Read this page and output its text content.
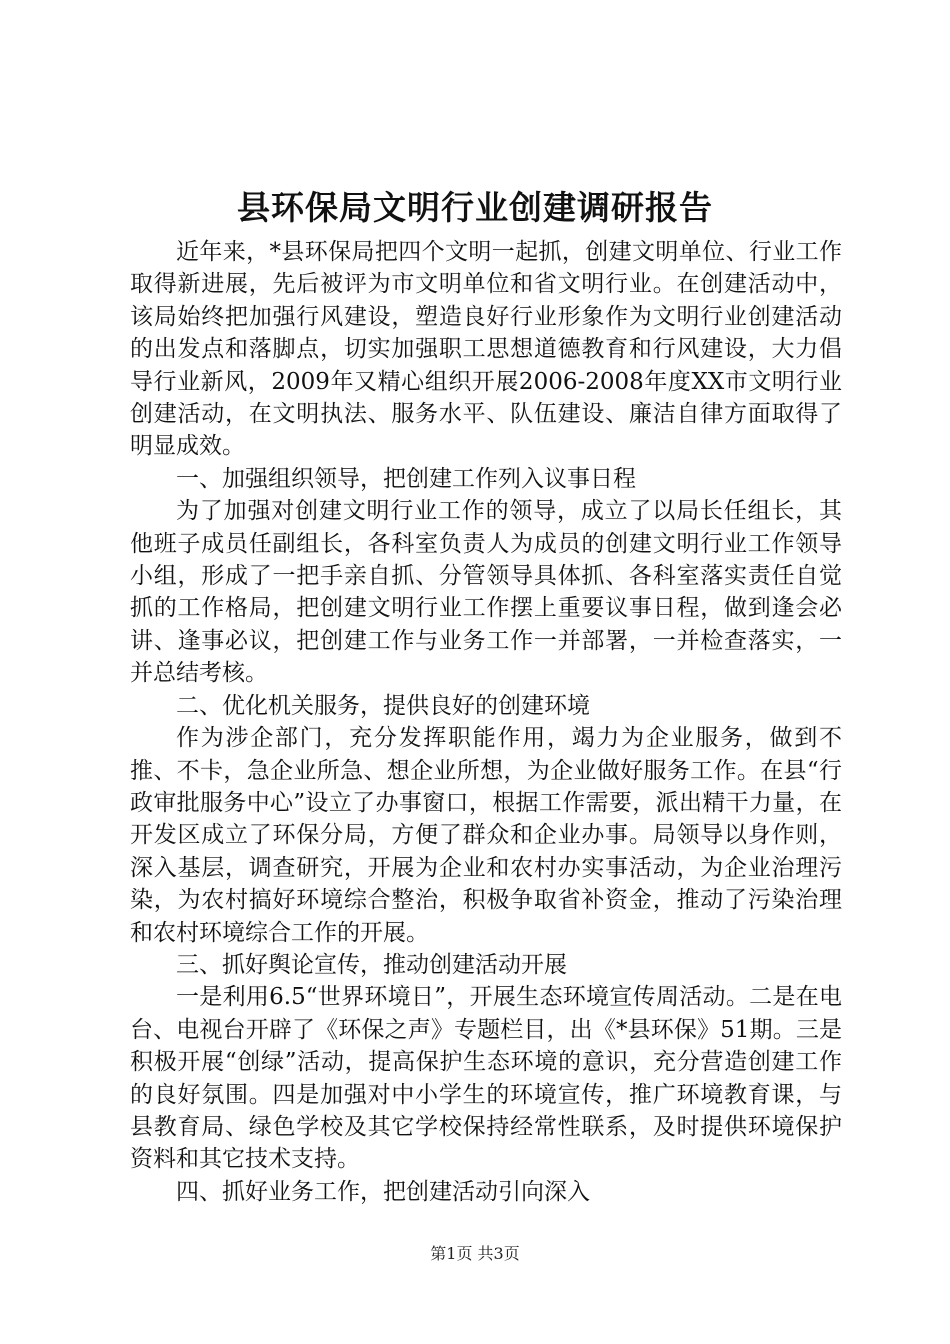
县环保局文明行业创建调研报告

近年来，*县环保局把四个文明一起抓，创建文明单位、行业工作取得新进展，先后被评为市文明单位和省文明行业。在创建活动中，该局始终把加强行风建设，塑造良好行业形象作为文明行业创建活动的出发点和落脚点，切实加强职工思想道德教育和行风建设，大力倡导行业新风，2009年又精心组织开展2006-2008年度XX市文明行业创建活动，在文明执法、服务水平、队伍建设、廉洁自律方面取得了明显成效。

一、加强组织领导，把创建工作列入议事日程

为了加强对创建文明行业工作的领导，成立了以局长任组长，其他班子成员任副组长，各科室负责人为成员的创建文明行业工作领导小组，形成了一把手亲自抓、分管领导具体抓、各科室落实责任自觉抓的工作格局，把创建文明行业工作摆上重要议事日程，做到逢会必讲、逢事必议，把创建工作与业务工作一并部署，一并检查落实，一并总结考核。

二、优化机关服务，提供良好的创建环境

作为涉企部门，充分发挥职能作用，竭力为企业服务，做到不推、不卡，急企业所急、想企业所想，为企业做好服务工作。在县“行政审批服务中心”设立了办事窗口，根据工作需要，派出精干力量，在开发区成立了环保分局，方便了群众和企业办事。局领导以身作则，深入基层，调查研究，开展为企业和农村办实事活动，为企业治理污染，为农村搞好环境综合整治，积极争取省补资金，推动了污染治理和农村环境综合工作的开展。

三、抓好舆论宣传，推动创建活动开展

一是利用6.5“世界环境日”，开展生态环境宣传周活动。二是在电台、电视台开辟了《环保之声》专题栏目，出《*县环保》51期。三是积极开展“创绿”活动，提高保护生态环境的意识，充分营造创建工作的良好氛围。四是加强对中小学生的环境宣传，推广环境教育课，与县教育局、绿色学校及其它学校保持经常性联系，及时提供环境保护资料和其它技术支持。

四、抓好业务工作，把创建活动引向深入

第1页 共3页
